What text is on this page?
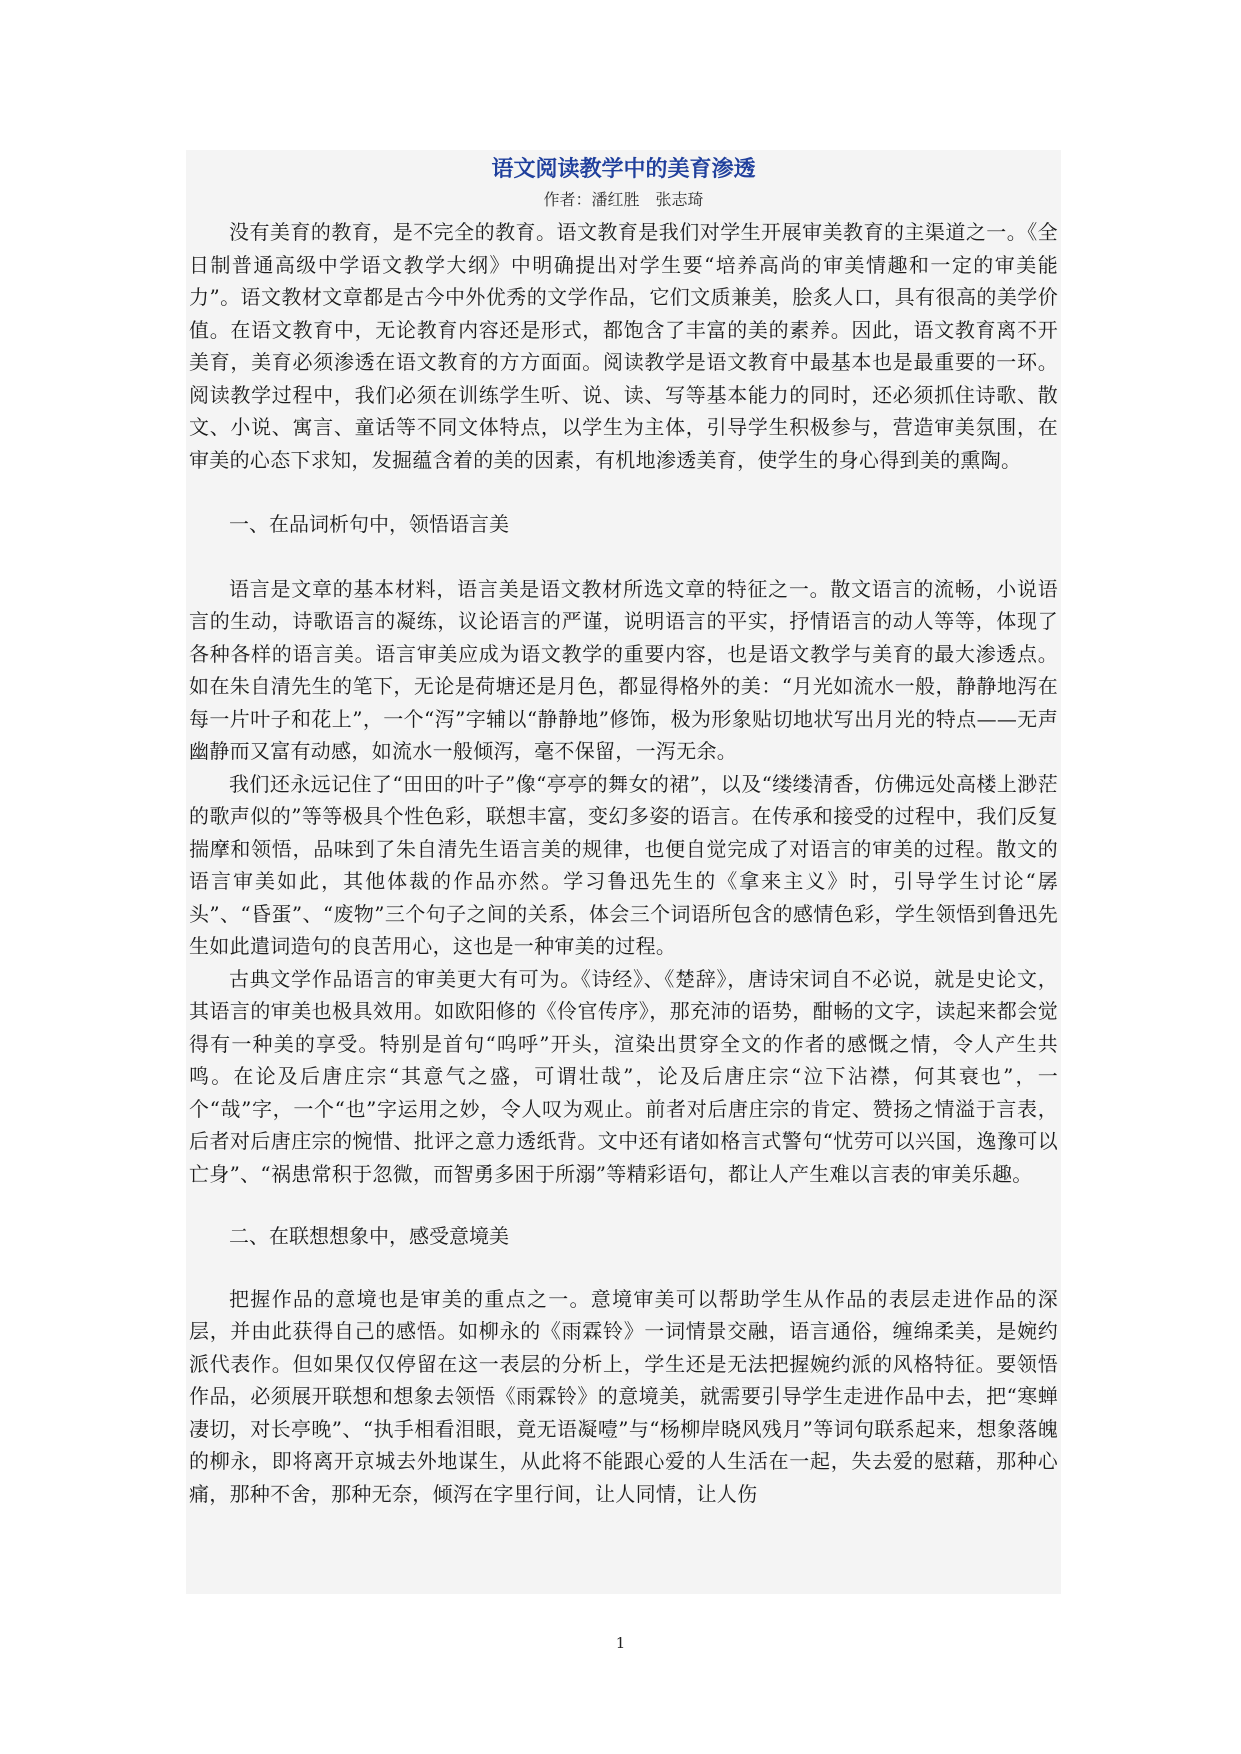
语文阅读教学中的美育渗透
作者：潘红胜　张志琦

没有美育的教育，是不完全的教育。语文教育是我们对学生开展审美教育的主渠道之一。《全日制普通高级中学语文教学大纲》中明确提出对学生要“培养高尚的审美情趣和一定的审美能力”。语文教材文章都是古今中外优秀的文学作品，它们文质兼美，脍炙人口，具有很高的美学价值。在语文教育中，无论教育内容还是形式，都饱含了丰富的美的素养。因此，语文教育离不开美育，美育必须渗透在语文教育的方方面面。阅读教学是语文教育中最基本也是最重要的一环。阅读教学过程中，我们必须在训练学生听、说、读、写等基本能力的同时，还必须抓住诗歌、散文、小说、寓言、童话等不同文体特点，以学生为主体，引导学生积极参与，营造审美氛围，在审美的心态下求知，发掘蕴含着的美的因素，有机地渗透美育，使学生的身心得到美的熏陶。

一、在品词析句中，领悟语言美

语言是文章的基本材料，语言美是语文教材所选文章的特征之一。散文语言的流畅，小说语言的生动，诗歌语言的凝练，议论语言的严谨，说明语言的平实，抒情语言的动人等等，体现了各种各样的语言美。语言审美应成为语文教学的重要内容，也是语文教学与美育的最大渗透点。如在朱自清先生的笔下，无论是荷塘还是月色，都显得格外的美：“月光如流水一般，静静地泻在每一片叶子和花上”，一个“泻”字辅以“静静地”修饰，极为形象贴切地状写出月光的特点——无声幽静而又富有动感，如流水一般倾泻，毫不保留，一泻无余。

我们还永远记住了“田田的叶子”像“亭亭的舞女的裙”，以及“缕缕清香，仿佛远处高楼上渺茫的歌声似的”等等极具个性色彩，联想丰富，变幻多姿的语言。在传承和接受的过程中，我们反复揣摩和领悟，品味到了朱自清先生语言美的规律，也便自觉完成了对语言的审美的过程。散文的语言审美如此，其他体裁的作品亦然。学习鲁迅先生的《拿来主义》时，引导学生讨论“孱头”、“昏蛋”、“废物”三个句子之间的关系，体会三个词语所包含的感情色彩，学生领悟到鲁迅先生如此遣词造句的良苦用心，这也是一种审美的过程。

古典文学作品语言的审美更大有可为。《诗经》、《楚辞》，唐诗宋词自不必说，就是史论文，其语言的审美也极具效用。如欧阳修的《伶官传序》，那充沛的语势，酣畅的文字，读起来都会觉得有一种美的享受。特别是首句“呜呼”开头，渲染出贯穿全文的作者的感慨之情，令人产生共鸣。在论及后唐庄宗“其意气之盛，可谓壮哉”，论及后唐庄宗“泣下沾襟，何其衰也”，一个“哉”字，一个“也”字运用之妙，令人叹为观止。前者对后唐庄宗的肯定、赞扬之情溢于言表，后者对后唐庄宗的惋惜、批评之意力透纸背。文中还有诸如格言式警句“忧劳可以兴国，逸豫可以亡身”、“祸患常积于忽微，而智勇多困于所溺”等精彩语句，都让人产生难以言表的审美乐趣。

二、在联想想象中，感受意境美

把握作品的意境也是审美的重点之一。意境审美可以帮助学生从作品的表层走进作品的深层，并由此获得自己的感悟。如柳永的《雨霖铃》一词情景交融，语言通俗，缠绵柔美，是婉约派代表作。但如果仅仅停留在这一表层的分析上，学生还是无法把握婉约派的风格特征。要领悟作品，必须展开联想和想象去领悟《雨霖铃》的意境美，就需要引导学生走进作品中去，把“寒蝉凄切，对长亭晚”、“执手相看泪眼，竟无语凝噎”与“杨柳岸晓风残月”等词句联系起来，想象落魄的柳永，即将离开京城去外地谋生，从此将不能跟心爱的人生活在一起，失去爱的慰藉，那种心痛，那种不舍，那种无奈，倾泻在字里行间，让人同情，让人伤

1
